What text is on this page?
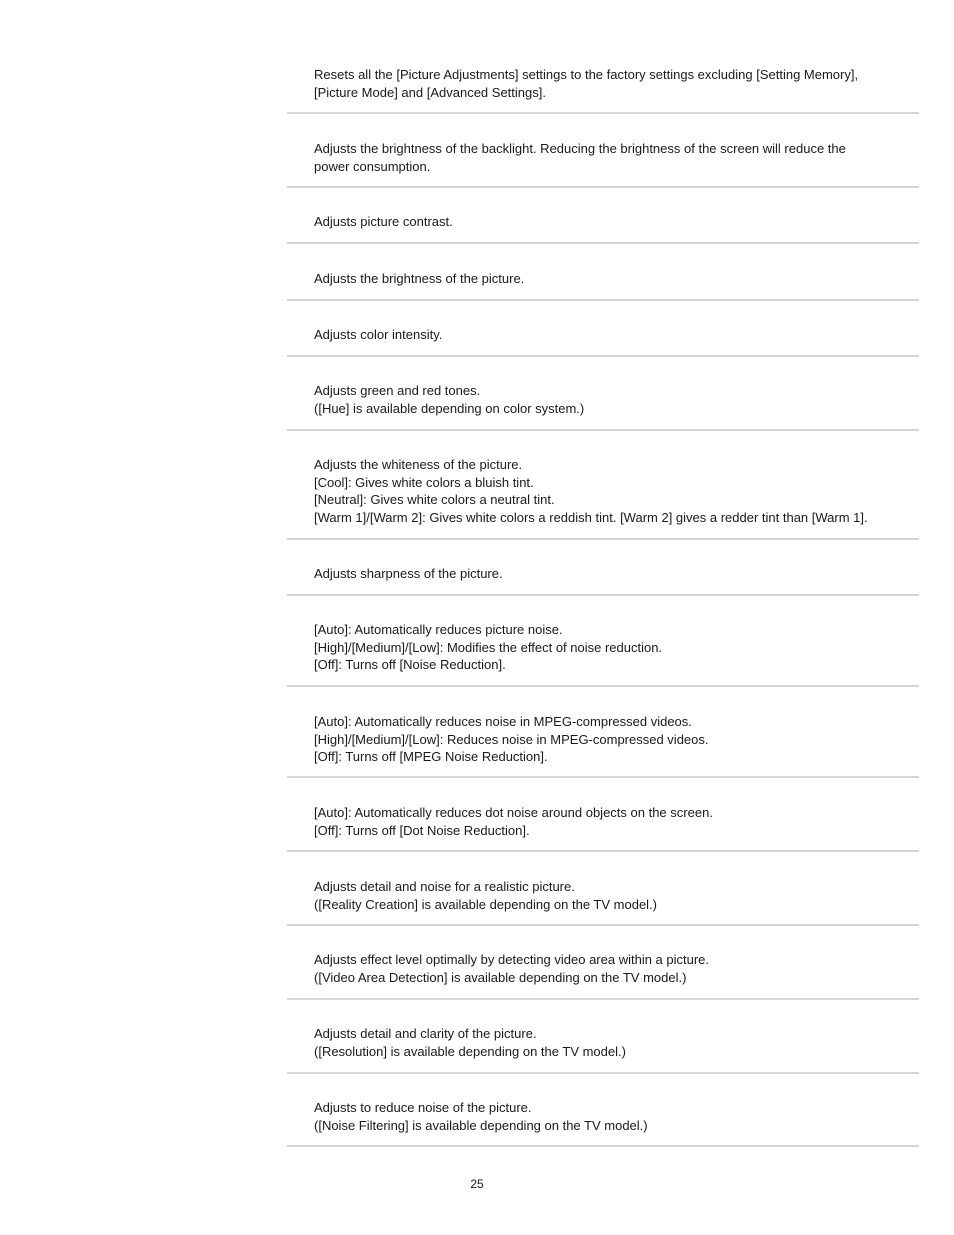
Resets all the [Picture Adjustments] settings to the factory settings excluding [Setting Memory],
[Picture Mode] and [Advanced Settings].
Adjusts the brightness of the backlight. Reducing the brightness of the screen will reduce the
power consumption.
Adjusts picture contrast.
Adjusts the brightness of the picture.
Adjusts color intensity.
Adjusts green and red tones.
([Hue] is available depending on color system.)
Adjusts the whiteness of the picture.
[Cool]: Gives white colors a bluish tint.
[Neutral]: Gives white colors a neutral tint.
[Warm 1]/[Warm 2]: Gives white colors a reddish tint. [Warm 2] gives a redder tint than [Warm 1].
Adjusts sharpness of the picture.
[Auto]: Automatically reduces picture noise.
[High]/[Medium]/[Low]: Modifies the effect of noise reduction.
[Off]: Turns off [Noise Reduction].
[Auto]: Automatically reduces noise in MPEG-compressed videos.
[High]/[Medium]/[Low]: Reduces noise in MPEG-compressed videos.
[Off]: Turns off [MPEG Noise Reduction].
[Auto]: Automatically reduces dot noise around objects on the screen.
[Off]: Turns off [Dot Noise Reduction].
Adjusts detail and noise for a realistic picture.
([Reality Creation] is available depending on the TV model.)
Adjusts effect level optimally by detecting video area within a picture.
([Video Area Detection] is available depending on the TV model.)
Adjusts detail and clarity of the picture.
([Resolution] is available depending on the TV model.)
Adjusts to reduce noise of the picture.
([Noise Filtering] is available depending on the TV model.)
25
